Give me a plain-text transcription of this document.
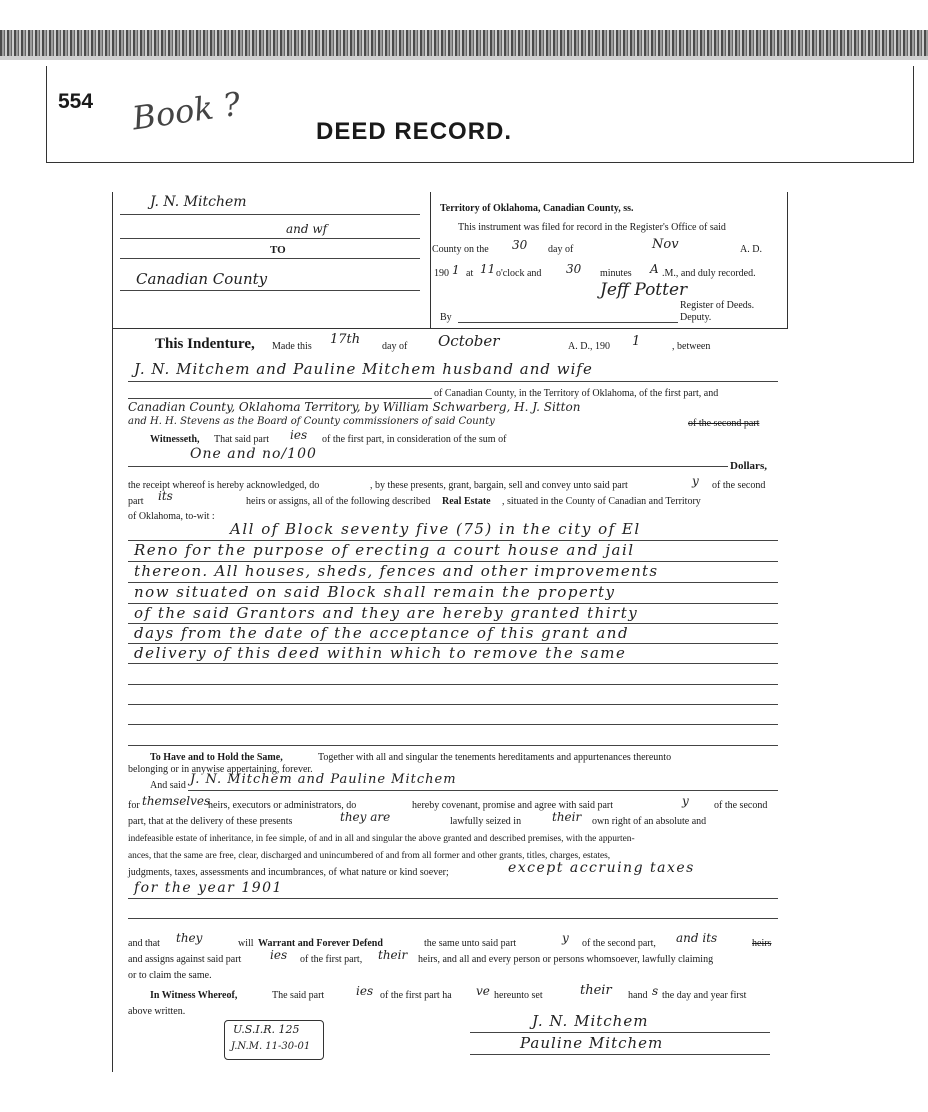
554 Book ?	DEED RECORD.
J. N. Mitchem
and wf
TO
Canadian County
Territory of Oklahoma, Canadian County, ss.
This instrument was filed for record in the Register's Office of said
County on the 30 day of	Nov	A. D.
190 1 at 11 o'clock and 30 minutes A .M., and duly recorded.
Jeff Potter
Register of Deeds.
By	Deputy.
This Indenture, Made this 17th day of October	A. D., 190 1	, between
J. N. Mitchem and Pauline Mitchem husband and wife
of Canadian County, in the Territory of Oklahoma, of the first part, and
Canadian County, Oklahoma Territory, by William Schwarberg, H. J. Sitton
and H. H. Stevens as the Board of County commissioners of said County	of the second part
Witnesseth, That said part ies of the first part, in consideration of the sum of
One and no/100
Dollars,
the receipt whereof is hereby acknowledged, do	, by these presents, grant, bargain, sell and convey unto said part	y of the second
part its	heirs or assigns, all of the following described Real Estate , situated in the County of Canadian and Territory
of Oklahoma, to-wit :
All of Block seventy five (75) in the city of El
Reno for the purpose of erecting a court house and jail
thereon. All houses, sheds, fences and other improvements
now situated on said Block shall remain the property
of the said Grantors and they are hereby granted thirty
days from the date of the acceptance of this grant and
delivery of this deed within which to remove the same
To Have and to Hold the Same,	Together with all and singular the tenements hereditaments and appurtenances thereunto
belonging or in anywise appertaining, forever.
And said J. N. Mitchem and Pauline Mitchem
for themselves
heirs, executors or administrators, do	hereby covenant, promise and agree with said part	y	of the second
part, that at the delivery of these presents	they are	lawfully seized in	their own right of an absolute and
indefeasible estate of inheritance, in fee simple, of and in all and singular the above granted and described premises, with the appurten-
ances, that the same are free, clear, discharged and unincumbered of and from all former and other grants, titles, charges, estates,
judgments, taxes, assessments and incumbrances, of what nature or kind soever;	except accruing taxes
for the year 1901
and that they	will Warrant and Forever Defend	the same unto said part	y of the second part, and its	heirs
and assigns against said part ies of the first part, their heirs, and all and every person or persons whomsoever, lawfully claiming
or to claim the same.
In Witness Whereof,	The said part	ies of the first part ha ve hereunto set	their hand s the day and year first
above written.
U.S.I.R. 125
J.N.M. 11-30-01
J. N. Mitchem
Pauline Mitchem
